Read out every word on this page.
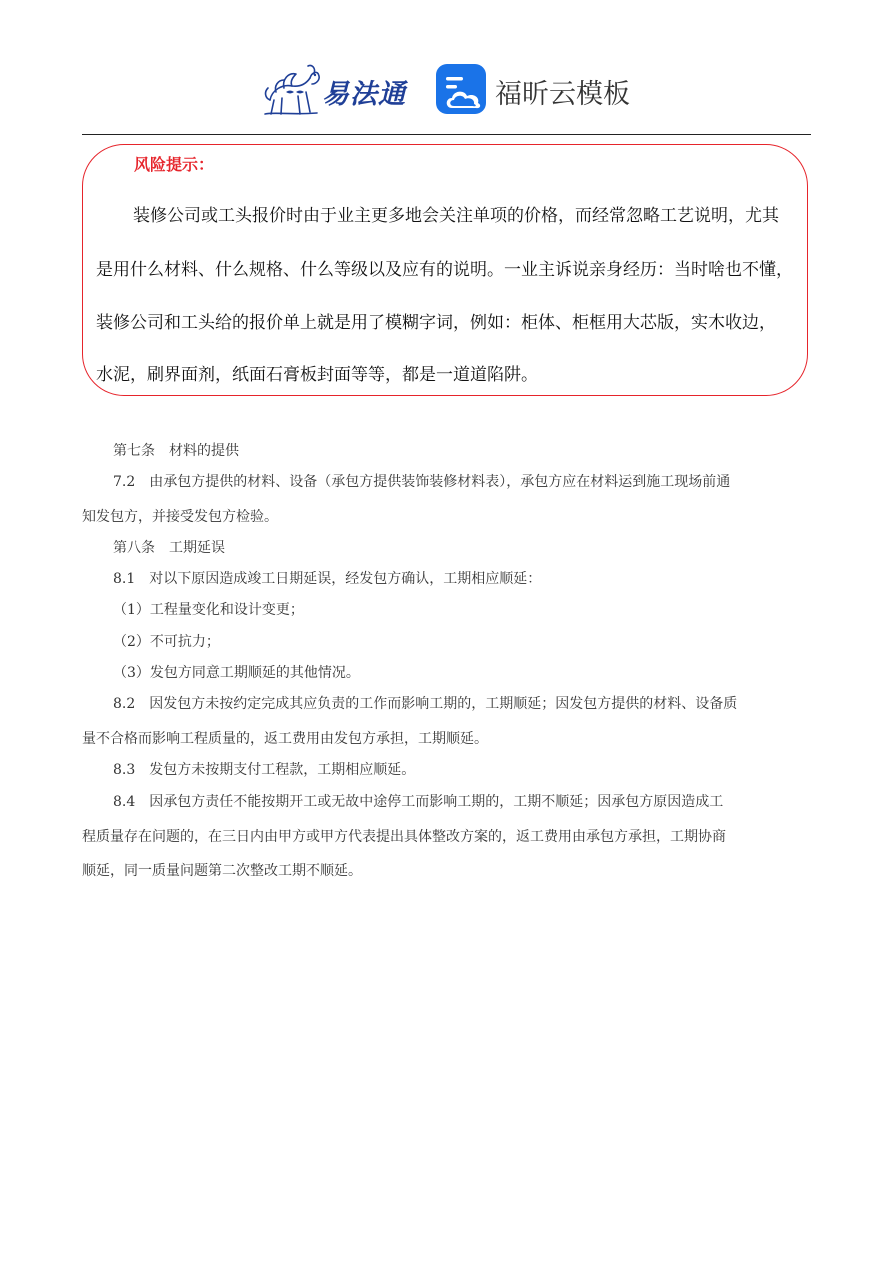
易法通	福昕云模板
风险提示：
装修公司或工头报价时由于业主更多地会关注单项的价格，而经常忽略工艺说明，尤其
是用什么材料、什么规格、什么等级以及应有的说明。一业主诉说亲身经历：当时啥也不懂，
装修公司和工头给的报价单上就是用了模糊字词，例如：柜体、柜框用大芯版，实木收边，
水泥，刷界面剂，纸面石膏板封面等等，都是一道道陷阱。
第七条　材料的提供
7.2　由承包方提供的材料、设备（承包方提供装饰装修材料表），承包方应在材料运到施工现场前通
知发包方，并接受发包方检验。
第八条　工期延误
8.1　对以下原因造成竣工日期延误，经发包方确认，工期相应顺延：
（1）工程量变化和设计变更；
（2）不可抗力；
（3）发包方同意工期顺延的其他情况。
8.2　因发包方未按约定完成其应负责的工作而影响工期的，工期顺延；因发包方提供的材料、设备质
量不合格而影响工程质量的，返工费用由发包方承担，工期顺延。
8.3　发包方未按期支付工程款，工期相应顺延。
8.4　因承包方责任不能按期开工或无故中途停工而影响工期的，工期不顺延；因承包方原因造成工
程质量存在问题的，在三日内由甲方或甲方代表提出具体整改方案的，返工费用由承包方承担，工期协商
顺延，同一质量问题第二次整改工期不顺延。
